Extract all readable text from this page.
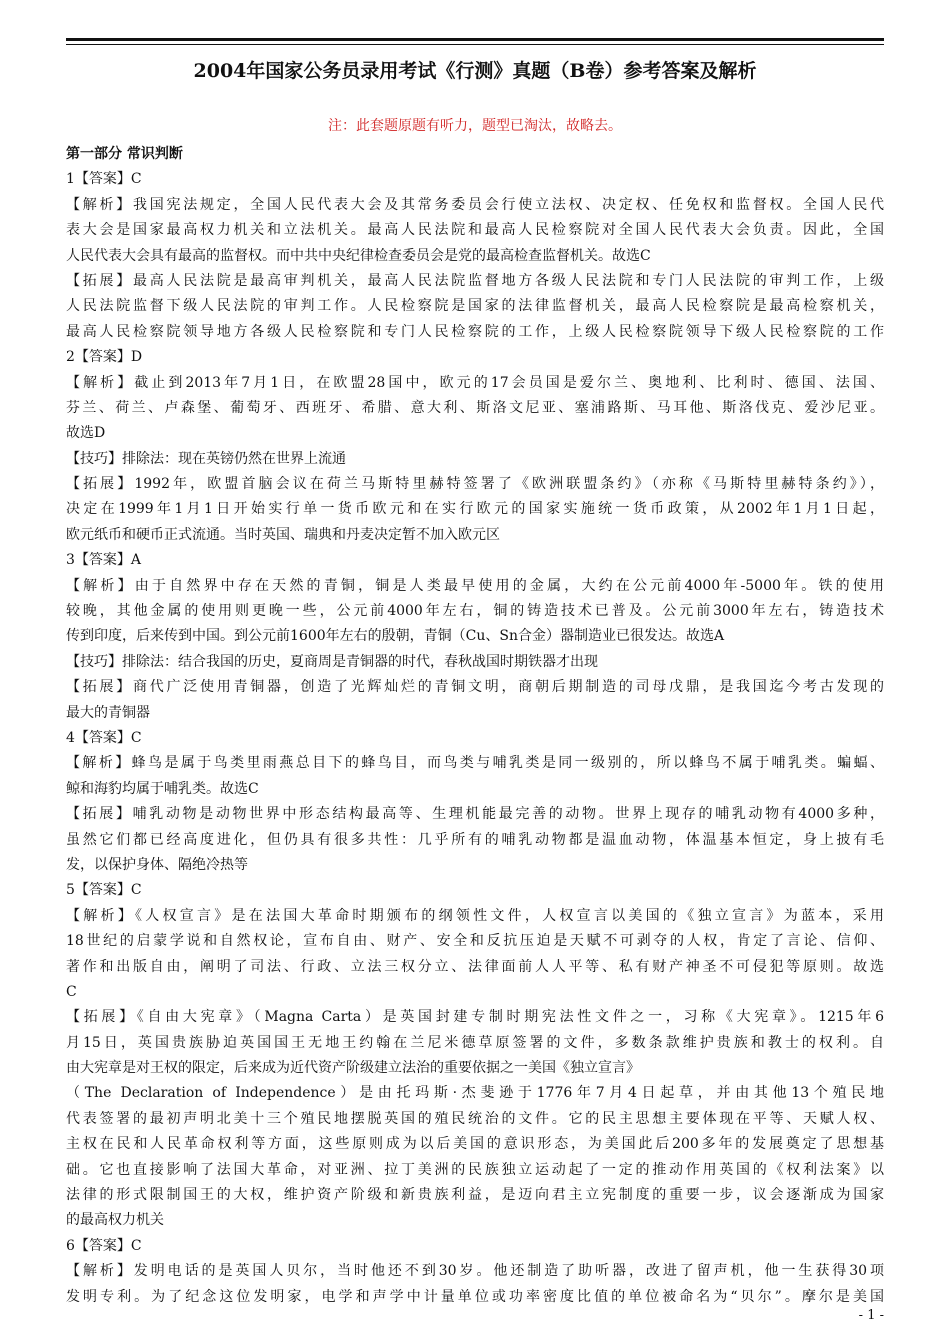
2004年国家公务员录用考试《行测》真题（B卷）参考答案及解析
注：此套题原题有听力，题型已淘汰，故略去。
第一部分 常识判断
1【答案】C
【解析】我国宪法规定，全国人民代表大会及其常务委员会行使立法权、决定权、任免权和监督权。全国人民代
表大会是国家最高权力机关和立法机关。最高人民法院和最高人民检察院对全国人民代表大会负责。因此，全国
人民代表大会具有最高的监督权。而中共中央纪律检查委员会是党的最高检查监督机关。故选C
【拓展】最高人民法院是最高审判机关，最高人民法院监督地方各级人民法院和专门人民法院的审判工作，上级
人民法院监督下级人民法院的审判工作。人民检察院是国家的法律监督机关，最高人民检察院是最高检察机关，
最高人民检察院领导地方各级人民检察院和专门人民检察院的工作，上级人民检察院领导下级人民检察院的工作
2【答案】D
【解析】截止到2013年7月1日，在欧盟28国中，欧元的17会员国是爱尔兰、奥地利、比利时、德国、法国、
芬兰、荷兰、卢森堡、葡萄牙、西班牙、希腊、意大利、斯洛文尼亚、塞浦路斯、马耳他、斯洛伐克、爱沙尼亚。
故选D
【技巧】排除法：现在英镑仍然在世界上流通
【拓展】1992年，欧盟首脑会议在荷兰马斯特里赫特签署了《欧洲联盟条约》（亦称《马斯特里赫特条约》），
决定在1999年1月1日开始实行单一货币欧元和在实行欧元的国家实施统一货币政策，从2002年1月1日起，
欧元纸币和硬币正式流通。当时英国、瑞典和丹麦决定暂不加入欧元区
3【答案】A
【解析】由于自然界中存在天然的青铜，铜是人类最早使用的金属，大约在公元前4000年-5000年。铁的使用
较晚，其他金属的使用则更晚一些，公元前4000年左右，铜的铸造技术已普及。公元前3000年左右，铸造技术
传到印度，后来传到中国。到公元前1600年左右的殷朝，青铜（Cu、Sn合金）器制造业已很发达。故选A
【技巧】排除法：结合我国的历史，夏商周是青铜器的时代，春秋战国时期铁器才出现
【拓展】商代广泛使用青铜器，创造了光辉灿烂的青铜文明，商朝后期制造的司母戊鼎，是我国迄今考古发现的
最大的青铜器
4【答案】C
【解析】蜂鸟是属于鸟类里雨燕总目下的蜂鸟目，而鸟类与哺乳类是同一级别的，所以蜂鸟不属于哺乳类。蝙蝠、
鲸和海豹均属于哺乳类。故选C
【拓展】哺乳动物是动物世界中形态结构最高等、生理机能最完善的动物。世界上现存的哺乳动物有4000多种，
虽然它们都已经高度进化，但仍具有很多共性：几乎所有的哺乳动物都是温血动物，体温基本恒定，身上披有毛
发，以保护身体、隔绝冷热等
5【答案】C
【解析】《人权宣言》是在法国大革命时期颁布的纲领性文件，人权宣言以美国的《独立宣言》为蓝本，采用
18世纪的启蒙学说和自然权论，宣布自由、财产、安全和反抗压迫是天赋不可剥夺的人权，肯定了言论、信仰、
著作和出版自由，阐明了司法、行政、立法三权分立、法律面前人人平等、私有财产神圣不可侵犯等原则。故选
C
【拓展】《自由大宪章》（Magna Carta）是英国封建专制时期宪法性文件之一，习称《大宪章》。1215年6
月15日，英国贵族胁迫英国国王无地王约翰在兰尼米德草原签署的文件，多数条款维护贵族和教士的权利。自
由大宪章是对王权的限定，后来成为近代资产阶级建立法治的重要依据之一美国《独立宣言》
（The Declaration of Independence）是由托玛斯·杰斐逊于1776年7月4日起草，并由其他13个殖民地
代表签署的最初声明北美十三个殖民地摆脱英国的殖民统治的文件。它的民主思想主要体现在平等、天赋人权、
主权在民和人民革命权利等方面，这些原则成为以后美国的意识形态，为美国此后200多年的发展奠定了思想基
础。它也直接影响了法国大革命，对亚洲、拉丁美洲的民族独立运动起了一定的推动作用英国的《权利法案》以
法律的形式限制国王的大权，维护资产阶级和新贵族利益，是迈向君主立宪制度的重要一步，议会逐渐成为国家
的最高权力机关
6【答案】C
【解析】发明电话的是英国人贝尔，当时他还不到30岁。他还制造了助听器，改进了留声机，他一生获得30项
发明专利。为了纪念这位发明家，电学和声学中计量单位或功率密度比值的单位被命名为“贝尔”。摩尔是美国
- 1 -
